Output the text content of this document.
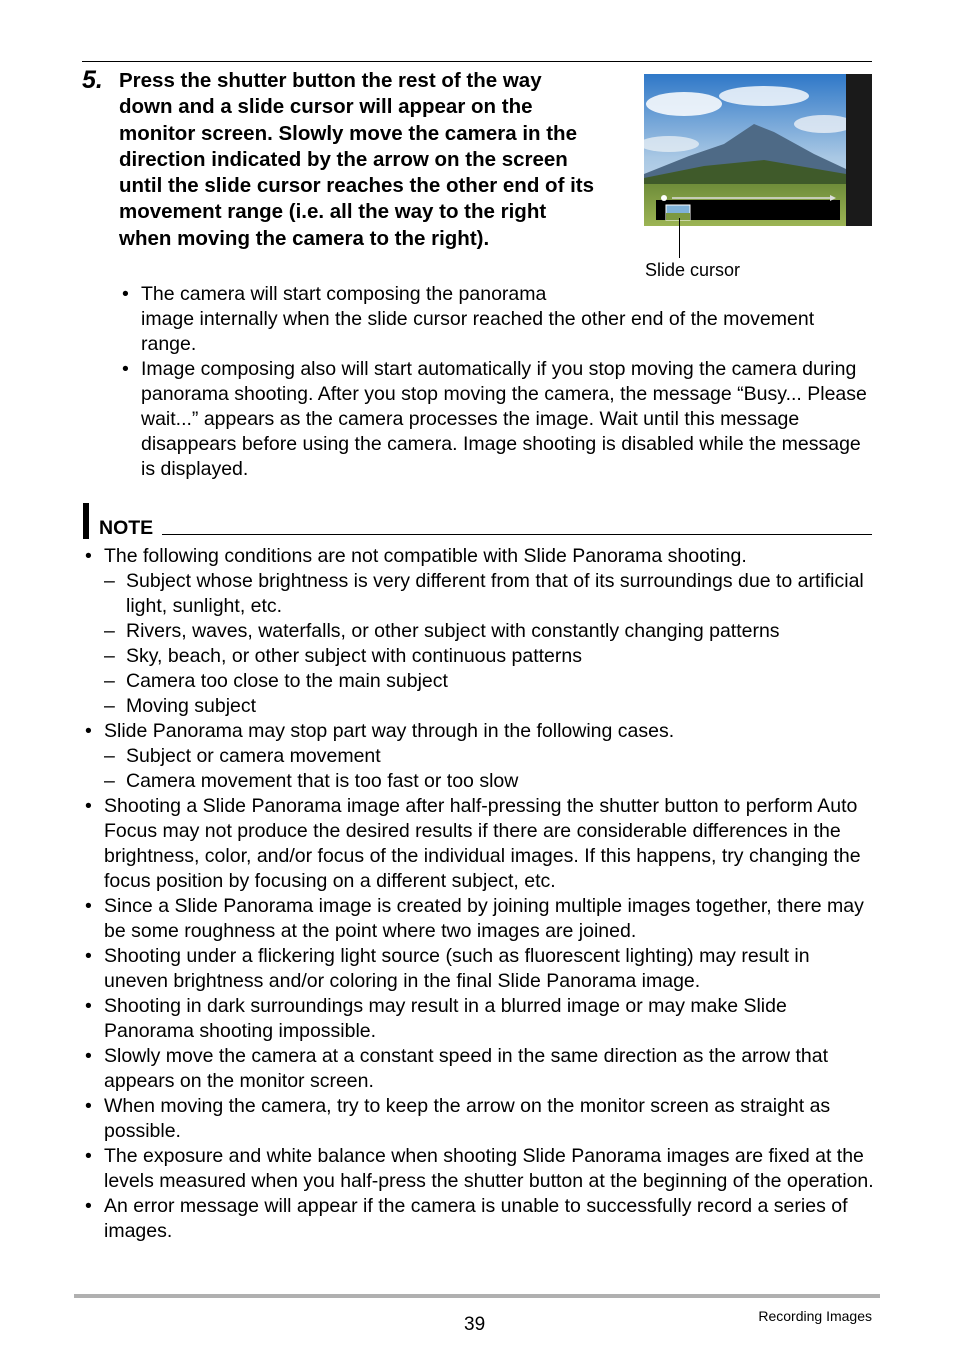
5. Press the shutter button the rest of the way down and a slide cursor will appear on the monitor screen. Slowly move the camera in the direction indicated by the arrow on the screen until the slide cursor reaches the other end of its movement range (i.e. all the way to the right when moving the camera to the right).
Slide cursor
• The camera will start composing the panorama
image internally when the slide cursor reached the other end of the movement range.
• Image composing also will start automatically if you stop moving the camera during panorama shooting. After you stop moving the camera, the message “Busy... Please wait...” appears as the camera processes the image. Wait until this message disappears before using the camera. Image shooting is disabled while the message is displayed.
NOTE
• The following conditions are not compatible with Slide Panorama shooting.
– Subject whose brightness is very different from that of its surroundings due to artificial light, sunlight, etc.
– Rivers, waves, waterfalls, or other subject with constantly changing patterns
– Sky, beach, or other subject with continuous patterns
– Camera too close to the main subject
– Moving subject
• Slide Panorama may stop part way through in the following cases.
– Subject or camera movement
– Camera movement that is too fast or too slow
• Shooting a Slide Panorama image after half-pressing the shutter button to perform Auto Focus may not produce the desired results if there are considerable differences in the brightness, color, and/or focus of the individual images. If this happens, try changing the focus position by focusing on a different subject, etc.
• Since a Slide Panorama image is created by joining multiple images together, there may be some roughness at the point where two images are joined.
• Shooting under a flickering light source (such as fluorescent lighting) may result in uneven brightness and/or coloring in the final Slide Panorama image.
• Shooting in dark surroundings may result in a blurred image or may make Slide Panorama shooting impossible.
• Slowly move the camera at a constant speed in the same direction as the arrow that appears on the monitor screen.
• When moving the camera, try to keep the arrow on the monitor screen as straight as possible.
• The exposure and white balance when shooting Slide Panorama images are fixed at the levels measured when you half-press the shutter button at the beginning of the operation.
• An error message will appear if the camera is unable to successfully record a series of images.
39	Recording Images
